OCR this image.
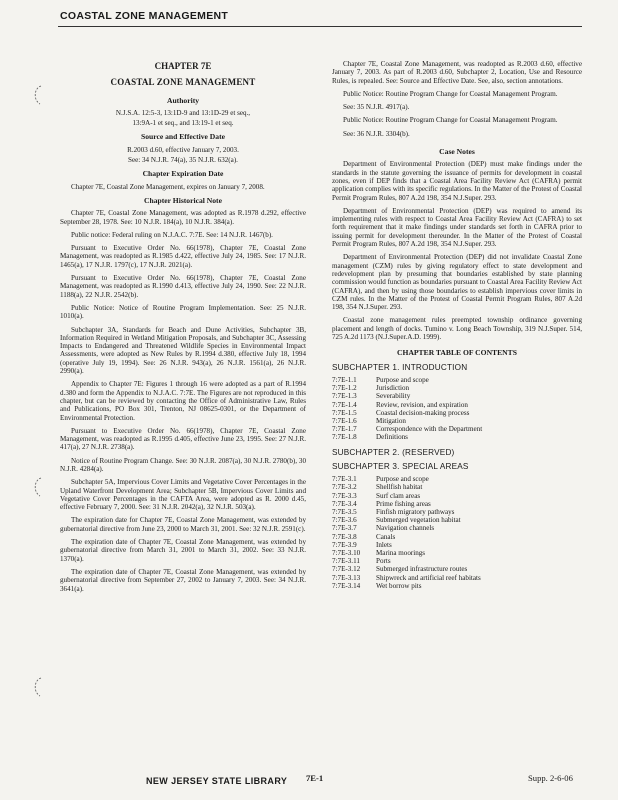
COASTAL ZONE MANAGEMENT
CHAPTER 7E
COASTAL ZONE MANAGEMENT
Authority

N.J.S.A. 12:5-3, 13:1D-9 and 13:1D-29 et seq.,

13:9A-1 et seq., and 13:19-1 et seq.

Source and Effective Date

R.2003 d.60, effective January 7, 2003.

See: 34 N.J.R. 74(a), 35 N.J.R. 632(a).

Chapter Expiration Date

Chapter 7E, Coastal Zone Management, expires on January 7, 2008.

Chapter Historical Note

Chapter 7E, Coastal Zone Management, was adopted as R.1978 d.292, effective September 28, 1978. See: 10 N.J.R. 184(a), 10 N.J.R. 384(a).

Public notice: Federal ruling on N.J.A.C. 7:7E. See: 14 N.J.R. 1467(b).

Pursuant to Executive Order No. 66(1978), Chapter 7E, Coastal Zone Management, was readopted as R.1985 d.422, effective July 24, 1985. See: 17 N.J.R. 1465(a), 17 N.J.R. 1797(c), 17 N.J.R. 2021(a).

Pursuant to Executive Order No. 66(1978), Chapter 7E, Coastal Zone Management, was readopted as R.1990 d.413, effective July 24, 1990. See: 22 N.J.R. 1188(a), 22 N.J.R. 2542(b).

Public Notice: Notice of Routine Program Implementation. See: 25 N.J.R. 1010(a).

Subchapter 3A, Standards for Beach and Dune Activities, Subchapter 3B, Information Required in Wetland Mitigation Proposals, and Subchapter 3C, Assessing Impacts to Endangered and Threatened Wildlife Species in Environmental Impact Assessments, were adopted as New Rules by R.1994 d.380, effective July 18, 1994 (operative July 19, 1994). See: 26 N.J.R. 943(a), 26 N.J.R. 1561(a), 26 N.J.R. 2990(a).

Appendix to Chapter 7E: Figures 1 through 16 were adopted as a part of R.1994 d.380 and form the Appendix to N.J.A.C. 7:7E. The Figures are not reproduced in this chapter, but can be reviewed by contacting the Office of Administrative Law, Rules and Publications, PO Box 301, Trenton, NJ 08625-0301, or the Department of Environmental Protection.

Pursuant to Executive Order No. 66(1978), Chapter 7E, Coastal Zone Management, was readopted as R.1995 d.405, effective June 23, 1995. See: 27 N.J.R. 417(a), 27 N.J.R. 2738(a).

Notice of Routine Program Change. See: 30 N.J.R. 2087(a), 30 N.J.R. 2780(b), 30 N.J.R. 4284(a).

Subchapter 5A, Impervious Cover Limits and Vegetative Cover Percentages in the Upland Waterfront Development Area; Subchapter 5B, Impervious Cover Limits and Vegetative Cover Percentages in the CAFTA Area, were adopted as R. 2000 d.45, effective February 7, 2000. See: 31 N.J.R. 2042(a), 32 N.J.R. 503(a).

The expiration date for Chapter 7E, Coastal Zone Management, was extended by gubernatorial directive from June 23, 2000 to March 31, 2001. See: 32 N.J.R. 2591(c).

The expiration date of Chapter 7E, Coastal Zone Management, was extended by gubernatorial directive from March 31, 2001 to March 31, 2002. See: 33 N.J.R. 1370(a).

The expiration date of Chapter 7E, Coastal Zone Management, was extended by gubernatorial directive from September 27, 2002 to January 7, 2003. See: 34 N.J.R. 3641(a).

Chapter 7E, Coastal Zone Management, was readopted as R.2003 d.60, effective January 7, 2003. As part of R.2003 d.60, Subchapter 2, Location, Use and Resource Rules, is repealed. See: Source and Effective Date. See, also, section annotations.

Public Notice: Routine Program Change for Coastal Management Program.

See: 35 N.J.R. 4917(a).

Public Notice: Routine Program Change for Coastal Management Program.

See: 36 N.J.R. 3304(b).

Case Notes

Department of Environmental Protection (DEP) must make findings under the standards in the statute governing the issuance of permits for development in coastal zones, even if DEP finds that a Coastal Area Facility Review Act (CAFRA) permit application complies with its specific regulations. In the Matter of the Protest of Coastal Permit Program Rules, 807 A.2d 198, 354 N.J.Super. 293.

Department of Environmental Protection (DEP) was required to amend its implementing rules with respect to Coastal Area Facility Review Act (CAFRA) to set forth requirement that it make findings under standards set forth in CAFRA prior to issuing permit for development thereunder. In the Matter of the Protest of Coastal Permit Program Rules, 807 A.2d 198, 354 N.J.Super. 293.

Department of Environmental Protection (DEP) did not invalidate Coastal Zone management (CZM) rules by giving regulatory effect to state development and redevelopment plan by presuming that boundaries established by state planning commission would function as boundaries pursuant to Coastal Area Facility Review Act (CAFRA), and then by using those boundaries to establish impervious cover limits in CZM rules. In the Matter of the Protest of Coastal Permit Program Rules, 807 A.2d 198, 354 N.J.Super. 293.

Coastal zone management rules preempted township ordinance governing placement and length of docks. Tumino v. Long Beach Township, 319 N.J.Super. 514, 725 A.2d 1173 (N.J.Super.A.D. 1999).

CHAPTER TABLE OF CONTENTS
SUBCHAPTER 1. INTRODUCTION
7:7E-1.1	Purpose and scope
7:7E-1.2	Jurisdiction
7:7E-1.3	Severability
7:7E-1.4	Review, revision, and expiration
7:7E-1.5	Coastal decision-making process
7:7E-1.6	Mitigation
7:7E-1.7	Correspondence with the Department
7:7E-1.8	Definitions
SUBCHAPTER 2. (RESERVED)
SUBCHAPTER 3. SPECIAL AREAS
7:7E-3.1	Purpose and scope
7:7E-3.2	Shellfish habitat
7:7E-3.3	Surf clam areas
7:7E-3.4	Prime fishing areas
7:7E-3.5	Finfish migratory pathways
7:7E-3.6	Submerged vegetation habitat
7:7E-3.7	Navigation channels
7:7E-3.8	Canals
7:7E-3.9	Inlets
7:7E-3.10	Marina moorings
7:7E-3.11	Ports
7:7E-3.12	Submerged infrastructure routes
7:7E-3.13	Shipwreck and artificial reef habitats
7:7E-3.14	Wet borrow pits
NEW JERSEY STATE LIBRARY 7E-1	Supp. 2-6-06
